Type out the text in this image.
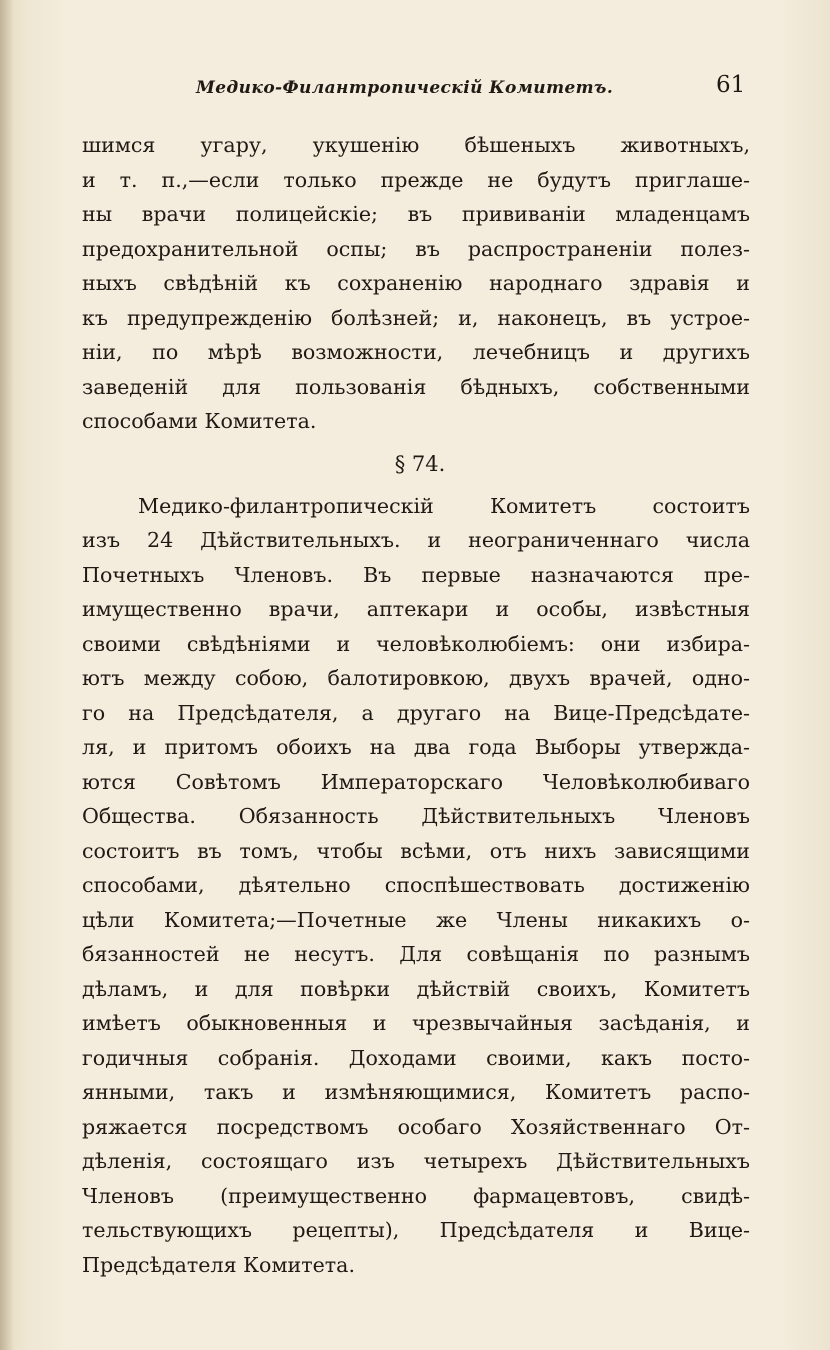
Медико-Филантропическій Комитетъ.	61
шимся угару, укушенію бѣшеныхъ животныхъ,
и т. п.,—если только прежде не будутъ приглаше-
ны врачи полицейскіе; въ прививаніи младенцамъ
предохранительной оспы; въ распространеніи полез-
ныхъ свѣдѣній къ сохраненію народнаго здравія и
къ предупрежденію болѣзней; и, наконецъ, въ устрое-
ніи, по мѣрѣ возможности, лечебницъ и другихъ
заведеній для пользованія бѣдныхъ, собственными
способами Комитета.
§ 74.
Медико-филантропическій Комитетъ состоитъ
изъ 24 Дѣйствительныхъ. и неограниченнаго числа
Почетныхъ Членовъ. Въ первые назначаются пре-
имущественно врачи, аптекари и особы, извѣстныя
своими свѣдѣніями и человѣколюбіемъ: они избира-
ютъ между собою, балотировкою, двухъ врачей, одно-
го на Предсѣдателя, а другаго на Вице-Предсѣдате-
ля, и притомъ обоихъ на два года Выборы утвержда-
ются Совѣтомъ Императорскаго Человѣколюбиваго
Общества. Обязанность Дѣйствительныхъ Членовъ
состоитъ въ томъ, чтобы всѣми, отъ нихъ зависящими
способами, дѣятельно споспѣшествовать достиженію
цѣли Комитета;—Почетные же Члены никакихъ о-
бязанностей не несутъ. Для совѣщанія по разнымъ
дѣламъ, и для повѣрки дѣйствій своихъ, Комитетъ
имѣетъ обыкновенныя и чрезвычайныя засѣданія, и
годичныя собранія. Доходами своими, какъ посто-
янными, такъ и измѣняющимися, Комитетъ распо-
ряжается посредствомъ особаго Хозяйственнаго От-
дѣленія, состоящаго изъ четырехъ Дѣйствительныхъ
Членовъ (преимущественно фармацевтовъ, свидѣ-
тельствующихъ рецепты), Предсѣдателя и Вице-
Предсѣдателя Комитета.
